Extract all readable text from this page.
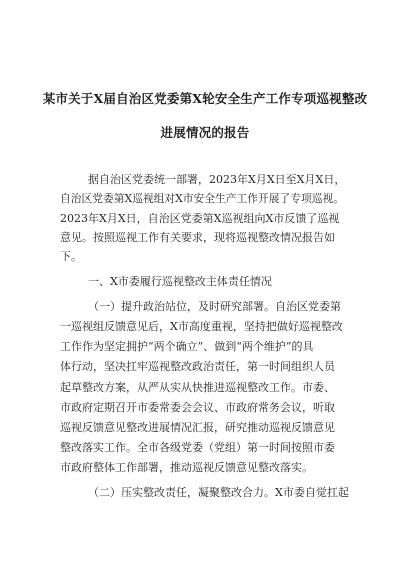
某市关于X届自治区党委第X轮安全生产工作专项巡视整改
进展情况的报告
据自治区党委统一部署，2023年X月X日至X月X日，
自治区党委第X巡视组对X市安全生产工作开展了专项巡视。
2023年X月X日，自治区党委第X巡视组向X市反馈了巡视
意见。按照巡视工作有关要求，现将巡视整改情况报告如
下。
一、X市委履行巡视整改主体责任情况
（一）提升政治站位，及时研究部署。自治区党委第
一巡视组反馈意见后，X市高度重视，坚持把做好巡视整改
工作作为坚定拥护“两个确立”、做到“两个维护”的具
体行动，坚决扛牢巡视整改政治责任，第一时间组织人员
起草整改方案，从严从实从快推进巡视整改工作。市委、
市政府定期召开市委常委会会议、市政府常务会议，听取
巡视反馈意见整改进展情况汇报，研究推动巡视反馈意见
整改落实工作。全市各级党委（党组）第一时间按照市委
市政府整体工作部署，推动巡视反馈意见整改落实。
（二）压实整改责任，凝聚整改合力。X市委自觉扛起
